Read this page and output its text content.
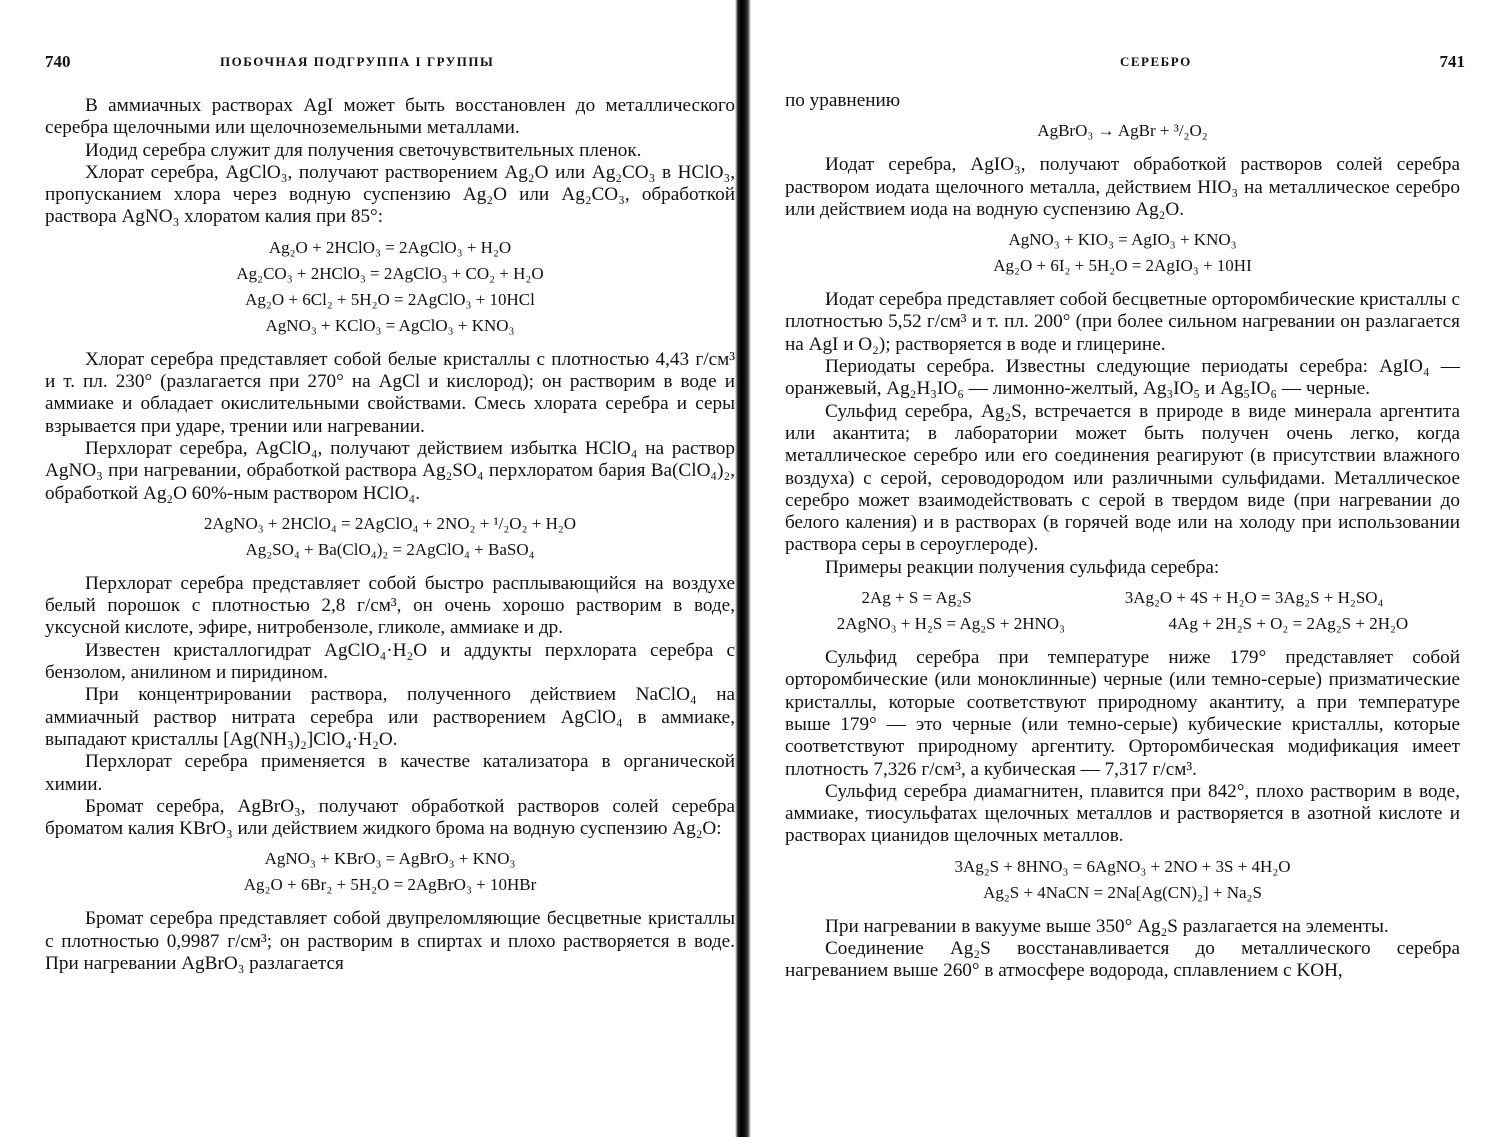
740	ПОБОЧНАЯ ПОДГРУППА I ГРУППЫ

В аммиачных растворах AgI может быть восстановлен до металлического серебра щелочными или щелочноземельными металлами.

Иодид серебра служит для получения светочувствительных пленок.

Хлорат серебра, AgClO₃, получают растворением Ag₂O или Ag₂CO₃ в HClO₃, пропусканием хлора через водную суспензию Ag₂O или Ag₂CO₃, обработкой раствора AgNO₃ хлоратом калия при 85°:

Ag₂O + 2HClO₃ = 2AgClO₃ + H₂O
Ag₂CO₃ + 2HClO₃ = 2AgClO₃ + CO₂ + H₂O
Ag₂O + 6Cl₂ + 5H₂O = 2AgClO₃ + 10HCl
AgNO₃ + KClO₃ = AgClO₃ + KNO₃

Хлорат серебра представляет собой белые кристаллы с плотностью 4,43 г/см³ и т. пл. 230° (разлагается при 270° на AgCl и кислород); он растворим в воде и аммиаке и обладает окислительными свойствами. Смесь хлората серебра и серы взрывается при ударе, трении или нагревании.

Перхлорат серебра, AgClO₄, получают действием избытка HClO₄ на раствор AgNO₃ при нагревании, обработкой раствора Ag₂SO₄ перхлоратом бария Ba(ClO₄)₂, обработкой Ag₂O 60%-ным раствором HClO₄.

2AgNO₃ + 2HClO₄ = 2AgClO₄ + 2NO₂ + ¹/₂O₂ + H₂O
Ag₂SO₄ + Ba(ClO₄)₂ = 2AgClO₄ + BaSO₄

Перхлорат серебра представляет собой быстро расплывающийся на воздухе белый порошок с плотностью 2,8 г/см³, он очень хорошо растворим в воде, уксусной кислоте, эфире, нитробензоле, гликоле, аммиаке и др.

Известен кристаллогидрат AgClO₄·H₂O и аддукты перхлората серебра с бензолом, анилином и пиридином.

При концентрировании раствора, полученного действием NaClO₄ на аммиачный раствор нитрата серебра или растворением AgClO₄ в аммиаке, выпадают кристаллы [Ag(NH₃)₂]ClO₄·H₂O.

Перхлорат серебра применяется в качестве катализатора в органической химии.

Бромат серебра, AgBrO₃, получают обработкой растворов солей серебра броматом калия KBrO₃ или действием жидкого брома на водную суспензию Ag₂O:

AgNO₃ + KBrO₃ = AgBrO₃ + KNO₃
Ag₂O + 6Br₂ + 5H₂O = 2AgBrO₃ + 10HBr

Бромат серебра представляет собой двупреломляющие бесцветные кристаллы с плотностью 0,9987 г/см³; он растворим в спиртах и плохо растворяется в воде. При нагревании AgBrO₃ разлагается

СЕРЕБРО	741

по уравнению

AgBrO₃ → AgBr + ³/₂O₂

Иодат серебра, AgIO₃, получают обработкой растворов солей серебра раствором иодата щелочного металла, действием HIO₃ на металлическое серебро или действием иода на водную суспензию Ag₂O.

AgNO₃ + KIO₃ = AgIO₃ + KNO₃
Ag₂O + 6I₂ + 5H₂O = 2AgIO₃ + 10HI

Иодат серебра представляет собой бесцветные орторомбические кристаллы с плотностью 5,52 г/см³ и т. пл. 200° (при более сильном нагревании он разлагается на AgI и O₂); растворяется в воде и глицерине.

Периодаты серебра. Известны следующие периодаты серебра: AgIO₄ — оранжевый, Ag₂H₃IO₆ — лимонно-желтый, Ag₃IO₅ и Ag₅IO₆ — черные.

Сульфид серебра, Ag₂S, встречается в природе в виде минерала аргентита или акантита; в лаборатории может быть получен очень легко, когда металлическое серебро или его соединения реагируют (в присутствии влажного воздуха) с серой, сероводородом или различными сульфидами. Металлическое серебро может взаимодействовать с серой в твердом виде (при нагревании до белого каления) и в растворах (в горячей воде или на холоду при использовании раствора серы в сероуглероде).

Примеры реакции получения сульфида серебра:

2Ag + S = Ag₂S	3Ag₂O + 4S + H₂O = 3Ag₂S + H₂SO₄
2AgNO₃ + H₂S = Ag₂S + 2HNO₃	4Ag + 2H₂S + O₂ = 2Ag₂S + 2H₂O

Сульфид серебра при температуре ниже 179° представляет собой орторомбические (или моноклинные) черные (или темно-серые) призматические кристаллы, которые соответствуют природному акантиту, а при температуре выше 179° — это черные (или темно-серые) кубические кристаллы, которые соответствуют природному аргентиту. Орторомбическая модификация имеет плотность 7,326 г/см³, а кубическая — 7,317 г/см³.

Сульфид серебра диамагнитен, плавится при 842°, плохо растворим в воде, аммиаке, тиосульфатах щелочных металлов и растворяется в азотной кислоте и растворах цианидов щелочных металлов.

3Ag₂S + 8HNO₃ = 6AgNO₃ + 2NO + 3S + 4H₂O
Ag₂S + 4NaCN = 2Na[Ag(CN)₂] + Na₂S

При нагревании в вакууме выше 350° Ag₂S разлагается на элементы.

Соединение Ag₂S восстанавливается до металлического серебра нагреванием выше 260° в атмосфере водорода, сплавлением с KOH,
